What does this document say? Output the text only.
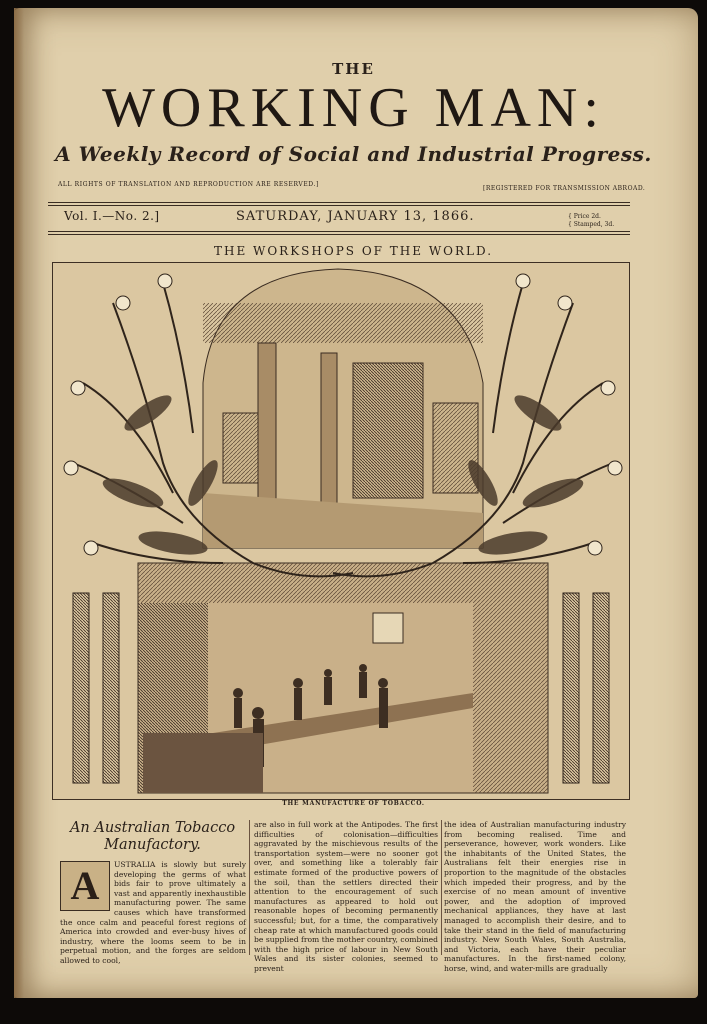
THE
WORKING MAN:
A Weekly Record of Social and Industrial Progress.
ALL RIGHTS OF TRANSLATION AND REPRODUCTION ARE RESERVED.]
[REGISTERED FOR TRANSMISSION ABROAD.
Vol. I.—No. 2.]	SATURDAY, JANUARY 13, 1866.	{ Price 2d.
{ Stamped, 3d.
THE WORKSHOPS OF THE WORLD.
THE MANUFACTURE OF TOBACCO.
An Australian Tobacco Manufactory.
A	USTRALIA is slowly but surely developing the germs of what bids fair to prove ultimately a vast and apparently inexhaustible manufacturing power. The same causes which have transformed the once calm and peaceful forest regions of America into crowded and ever-busy hives of industry, where the looms seem to be in perpetual motion, and the forges are seldom allowed to cool,
are also in full work at the Antipodes. The first difficulties of colonisation—difficulties aggravated by the mischievous results of the transportation system—were no sooner got over, and something like a tolerably fair estimate formed of the productive powers of the soil, than the settlers directed their attention to the encouragement of such manufactures as appeared to hold out reasonable hopes of becoming permanently successful; but, for a time, the comparatively cheap rate at which manufactured goods could be supplied from the mother country, combined with the high price of labour in New South Wales and its sister colonies, seemed to prevent
the idea of Australian manufacturing industry from becoming realised. Time and perseverance, however, work wonders. Like the inhabitants of the United States, the Australians felt their energies rise in proportion to the magnitude of the obstacles which impeded their progress, and by the exercise of no mean amount of inventive power, and the adoption of improved mechanical appliances, they have at last managed to accomplish their desire, and to take their stand in the field of manufacturing industry. New South Wales, South Australia, and Victoria, each have their peculiar manufactures. In the first-named colony, horse, wind, and water-mills are gradually
